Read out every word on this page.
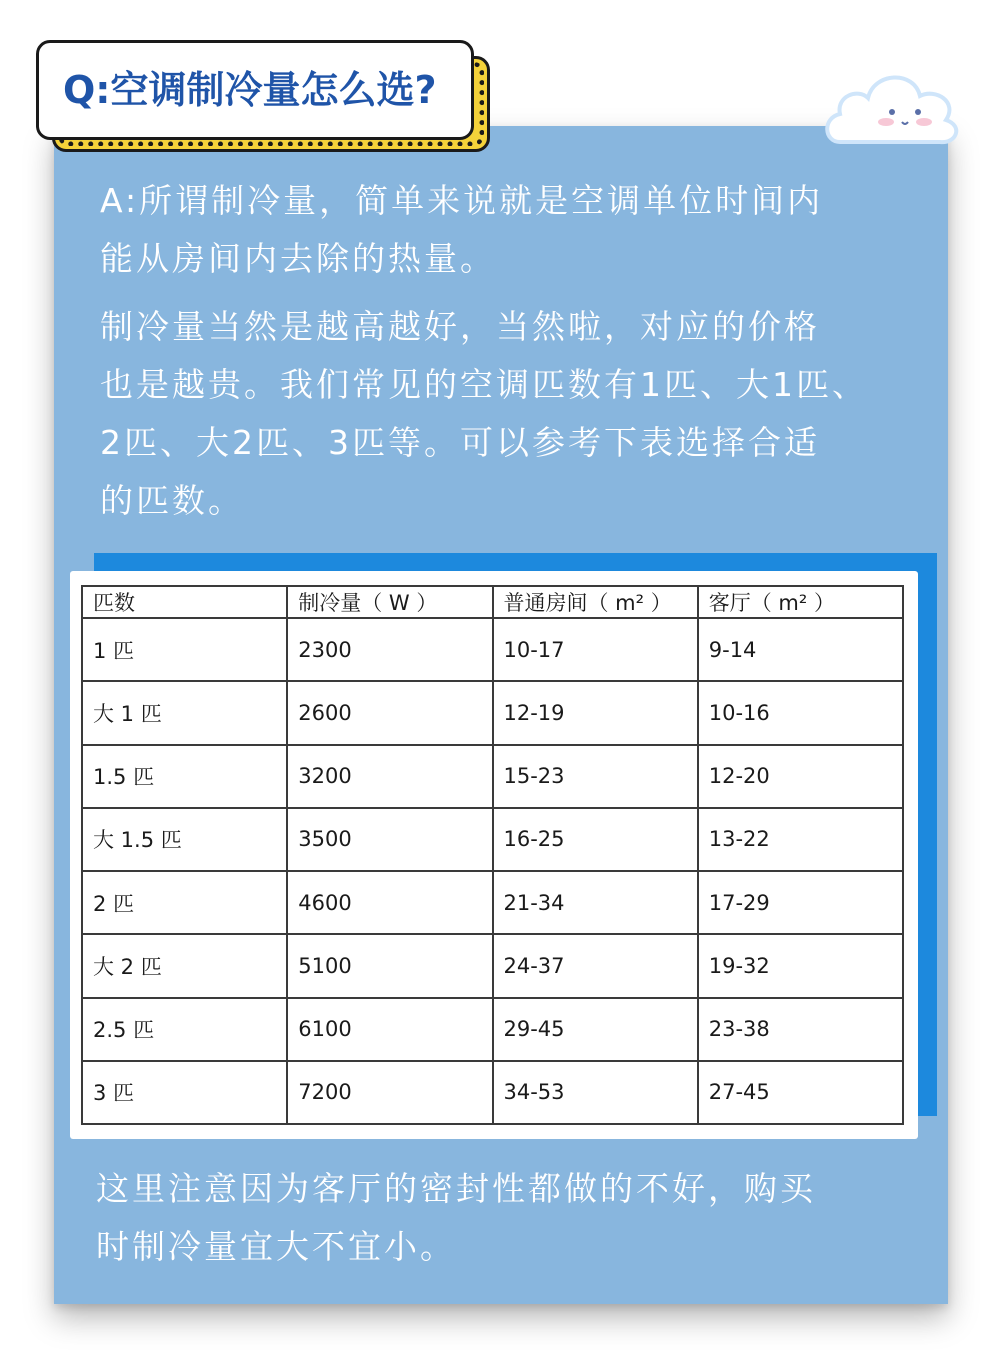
Q:空调制冷量怎么选?
A:所谓制冷量，简单来说就是空调单位时间内
能从房间内去除的热量。
制冷量当然是越高越好，当然啦，对应的价格
也是越贵。我们常见的空调匹数有1匹、大1匹、
2匹、大2匹、3匹等。可以参考下表选择合适
的匹数。
匹数	制冷量（ W ）	普通房间（ m² ）	客厅（ m² ）
1 匹	2300	10-17	9-14
大 1 匹	2600	12-19	10-16
1.5 匹	3200	15-23	12-20
大 1.5 匹	3500	16-25	13-22
2 匹	4600	21-34	17-29
大 2 匹	5100	24-37	19-32
2.5 匹	6100	29-45	23-38
3 匹	7200	34-53	27-45
这里注意因为客厅的密封性都做的不好，购买
时制冷量宜大不宜小。
